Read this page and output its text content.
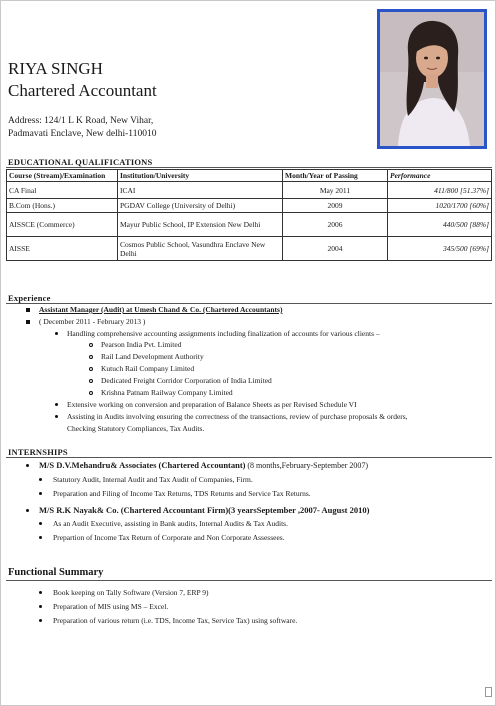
RIYA SINGH
Chartered Accountant
Address: 124/1 L K Road, New Vihar,
Padmavati Enclave, New delhi-110010
EDUCATIONAL QUALIFICATIONS
Course (Stream)/Examination	Institution/University	Month/Year of Passing	Performance
CA Final	ICAI	May 2011	411/800 [51.37%]
B.Com (Hons.)	PGDAV College (University of Delhi)	2009	1020/1700 [60%]
AISSCE (Commerce)	Mayur Public School, IP Extension New Delhi	2006	440/500 [88%]
AISSE	Cosmos Public School, Vasundhra Enclave New Delhi	2004	345/500 [69%]
Experience
Assistant Manager (Audit) at Umesh Chand & Co. (Chartered Accountants)
( December 2011 - February 2013 )
Handling comprehensive accounting assignments including finalization of accounts for various clients –
Pearson India Pvt. Limited
Rail Land Development Authority
Kutuch Rail Company Limited
Dedicated Freight Corridor Corporation of India Limited
Krishna Patnam Railway Company Limited
Extensive working on conversion and preparation of Balance Sheets as per Revised Schedule VI
Assisting in Audits involving ensuring the correctness of the transactions, review of purchase proposals & orders,
Checking Statutory Compliances, Tax Audits.
INTERNSHIPS
M/S D.V.Mehandru& Associates (Chartered Accountant) (8 months,February-September 2007)
Statutory Audit, Internal Audit and Tax Audit of Companies, Firm.
Preparation and Filing of Income Tax Returns, TDS Returns and Service Tax Returns.
M/S R.K Nayak& Co. (Chartered Accountant Firm)(3 yearsSeptember ,2007- August 2010)
As an Audit Executive, assisting in Bank audits, Internal Audits & Tax Audits.
Prepartion of Income Tax Return of Corporate and Non Corporate Assessees.
Functional Summary
Book keeping on Tally Software (Version 7, ERP 9)
Preparation of MIS using MS – Excel.
Preparation of various return (i.e. TDS, Income Tax, Service Tax) using software.
